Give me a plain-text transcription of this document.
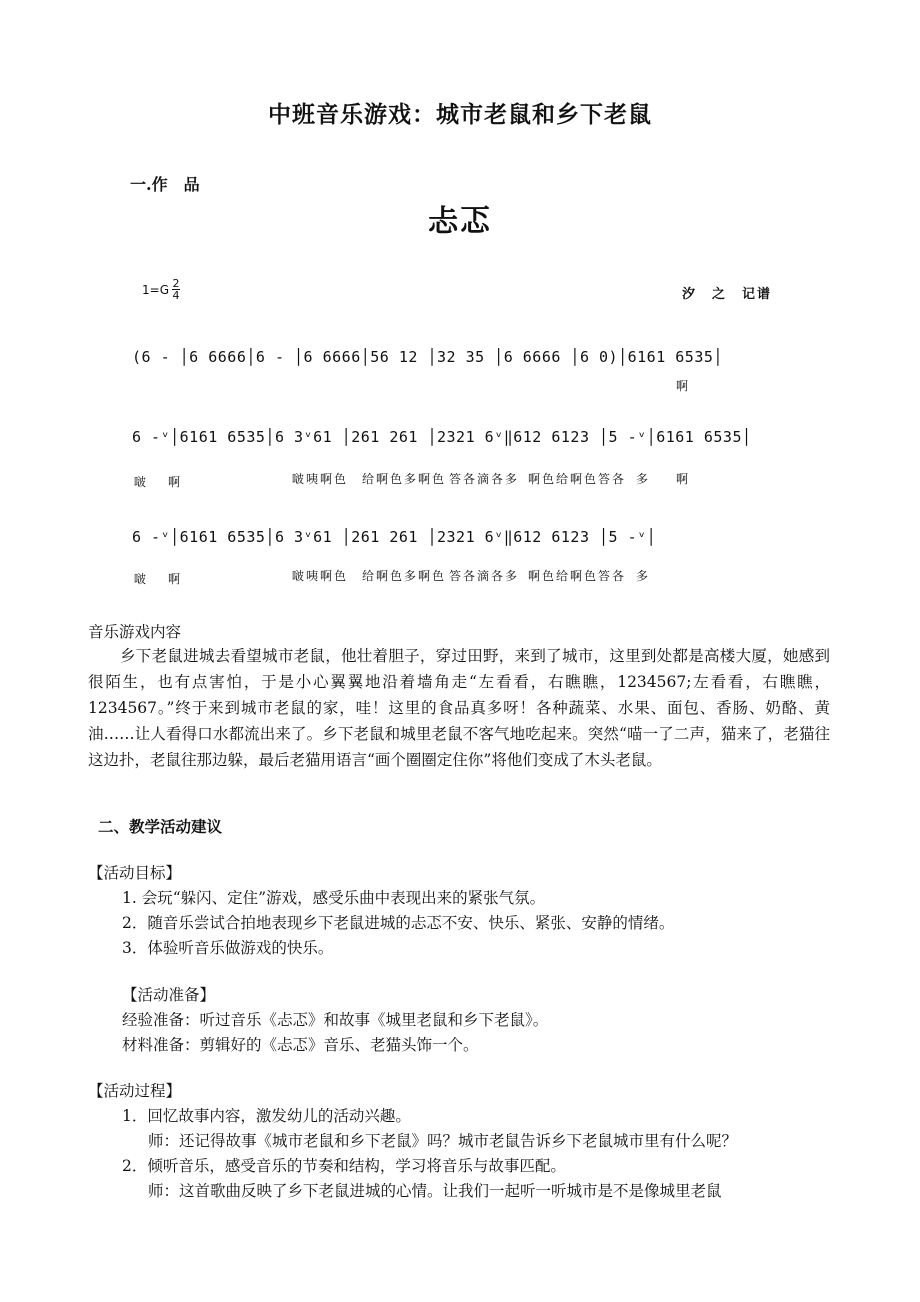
中班音乐游戏：城市老鼠和乡下老鼠
一.作　品
忐忑
$1=G \frac{2}{4}$	汐　之　记谱
(6 - │6 6666│6 - │6 6666│56 12 │32 35 │6 6666 │6 0)│6161 6535│
啊
6 -ᵛ│6161 6535│6 3ᵛ61 │261 261 │2321 6ᵛ‖612 6123 │5 -ᵛ│6161 6535│
啵 啊	啵咦啊色 给啊色多啊色 答各滴各多 啊色给啊色答各 多 啊
6 -ᵛ│6161 6535│6 3ᵛ61 │261 261 │2321 6ᵛ‖612 6123 │5 -ᵛ│
啵 啊	啵咦啊色 给啊色多啊色 答各滴各多 啊色给啊色答各 多
音乐游戏内容
乡下老鼠进城去看望城市老鼠，他壮着胆子，穿过田野，来到了城市，这里到处都是高楼大厦，她感到很陌生，也有点害怕，于是小心翼翼地沿着墙角走“左看看，右瞧瞧，1234567;左看看，右瞧瞧，1234567。”终于来到城市老鼠的家，哇！这里的食品真多呀！各种蔬菜、水果、面包、香肠、奶酪、黄油……让人看得口水都流出来了。乡下老鼠和城里老鼠不客气地吃起来。突然“喵一了二声，猫来了，老猫往这边扑，老鼠往那边躲，最后老猫用语言“画个圈圈定住你”将他们变成了木头老鼠。
二、教学活动建议
【活动目标】
1. 会玩“躲闪、定住”游戏，感受乐曲中表现出来的紧张气氛。
2．随音乐尝试合拍地表现乡下老鼠进城的忐忑不安、快乐、紧张、安静的情绪。
3．体验听音乐做游戏的快乐。
【活动准备】
经验准备：听过音乐《忐忑》和故事《城里老鼠和乡下老鼠》。
材料准备：剪辑好的《忐忑》音乐、老猫头饰一个。
【活动过程】
1．回忆故事内容，激发幼儿的活动兴趣。
师：还记得故事《城市老鼠和乡下老鼠》吗？城市老鼠告诉乡下老鼠城市里有什么呢？
2．倾听音乐，感受音乐的节奏和结构，学习将音乐与故事匹配。
师：这首歌曲反映了乡下老鼠进城的心情。让我们一起听一听城市是不是像城里老鼠
